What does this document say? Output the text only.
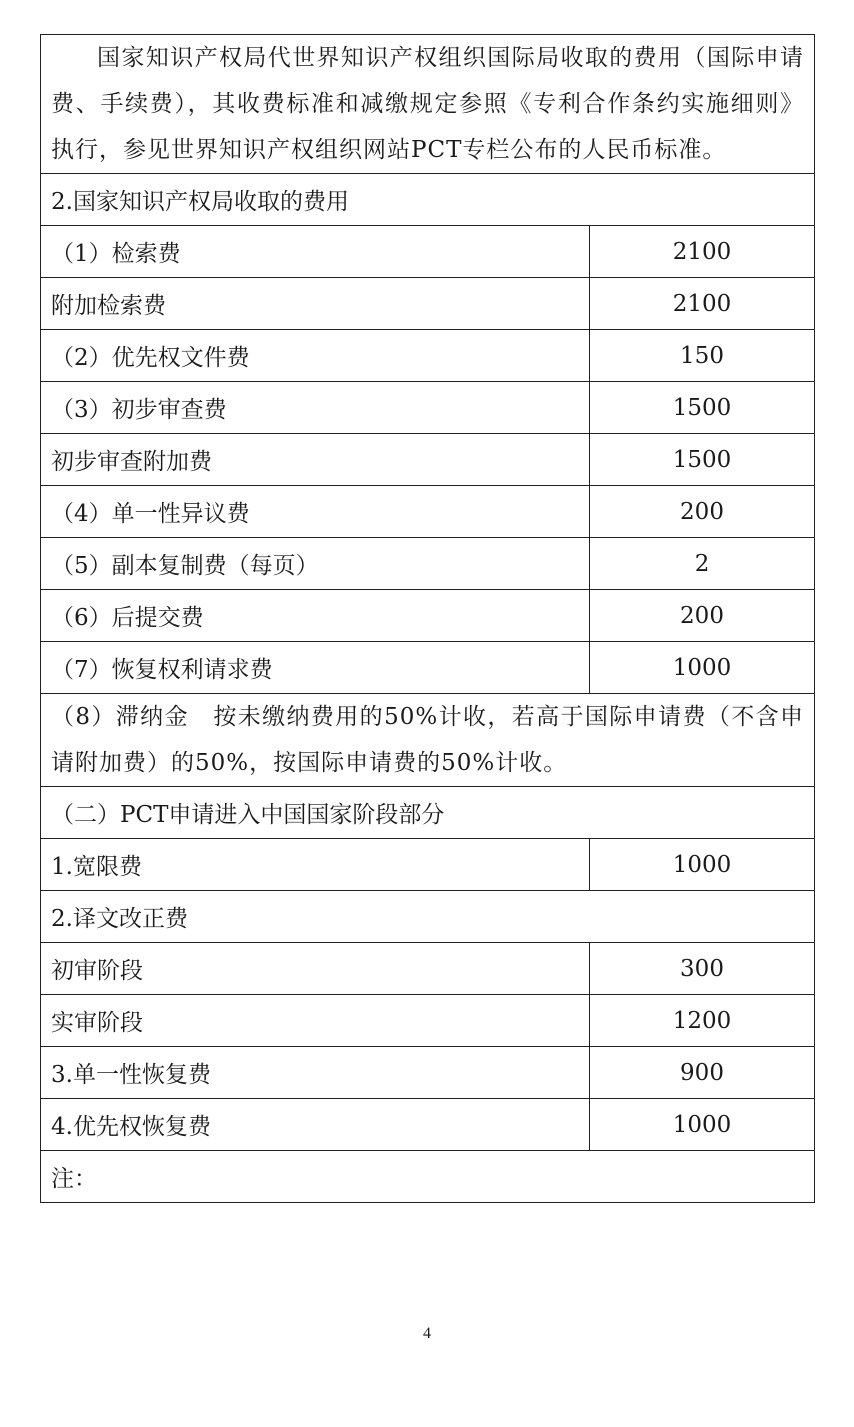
国家知识产权局代世界知识产权组织国际局收取的费用（国际申请费、手续费），其收费标准和减缴规定参照《专利合作条约实施细则》执行，参见世界知识产权组织网站PCT专栏公布的人民币标准。	

2.国家知识产权局收取的费用	
（1）检索费	2100
附加检索费	2100
（2）优先权文件费	150
（3）初步审查费	1500
初步审查附加费	1500
（4）单一性异议费	200
（5）副本复制费（每页）	2
（6）后提交费	200
（7）恢复权利请求费	1000

（8）滞纳金　按未缴纳费用的50%计收，若高于国际申请费（不含申请附加费）的50%，按国际申请费的50%计收。	

（二）PCT申请进入中国国家阶段部分	
1.宽限费	1000
2.译文改正费	
初审阶段	300
实审阶段	1200
3.单一性恢复费	900
4.优先权恢复费	1000
注：	
4
